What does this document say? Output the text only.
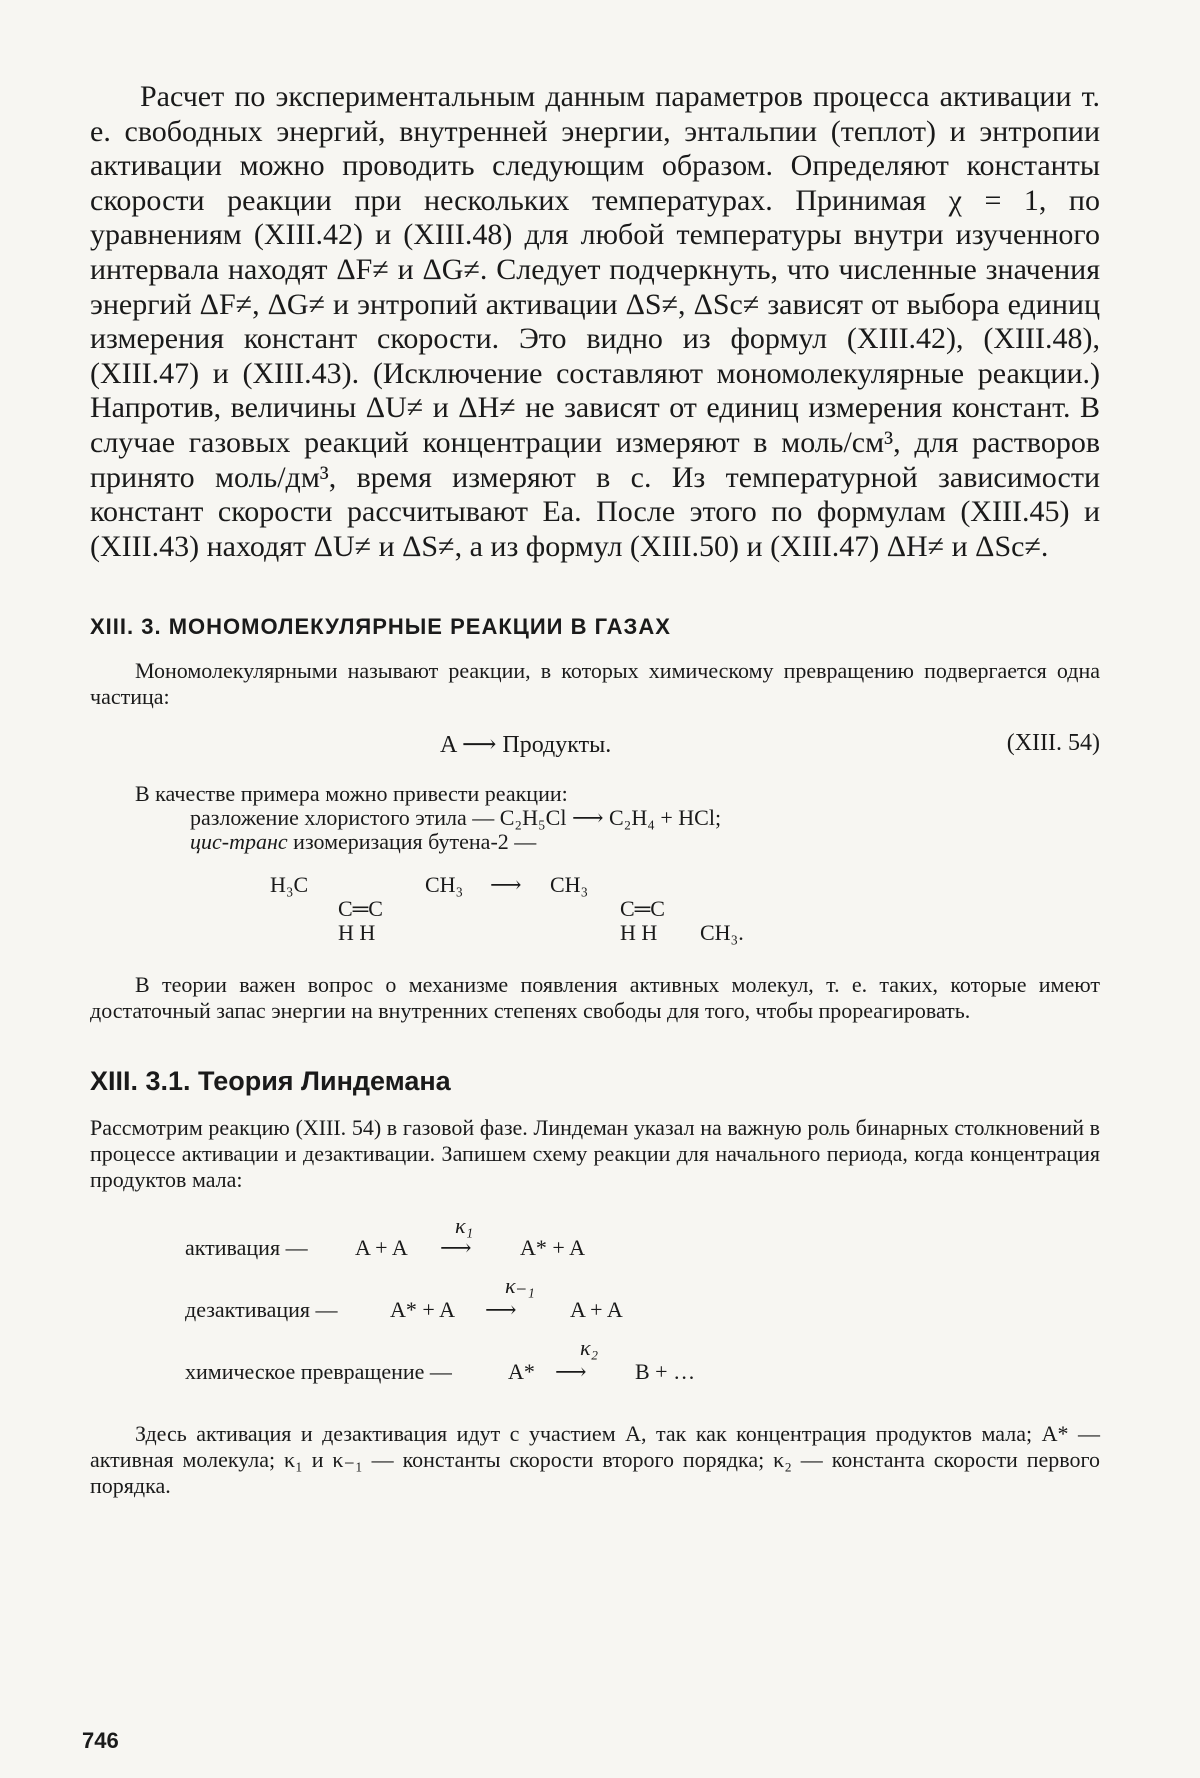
Расчет по экспериментальным данным параметров процесса активации т. е. свободных энергий, внутренней энергии, энтальпии (теплот) и энтропии активации можно проводить следующим образом. Определяют константы скорости реакции при нескольких температурах. Принимая χ = 1, по уравнениям (XIII.42) и (XIII.48) для любой температуры внутри изученного интервала находят ΔF≠ и ΔG≠. Следует подчеркнуть, что численные значения энергий ΔF≠, ΔG≠ и энтропий активации ΔS≠, ΔSc≠ зависят от выбора единиц измерения констант скорости. Это видно из формул (XIII.42), (XIII.48), (XIII.47) и (XIII.43). (Исключение составляют мономолекулярные реакции.) Напротив, величины ΔU≠ и ΔH≠ не зависят от единиц измерения констант. В случае газовых реакций концентрации измеряют в моль/см³, для растворов принято моль/дм³, время измеряют в с. Из температурной зависимости констант скорости рассчитывают Ea. После этого по формулам (XIII.45) и (XIII.43) находят ΔU≠ и ΔS≠, а из формул (XIII.50) и (XIII.47) ΔH≠ и ΔSc≠.

XIII. 3. МОНОМОЛЕКУЛЯРНЫЕ РЕАКЦИИ В ГАЗАХ

Мономолекулярными называют реакции, в которых химическому превращению подвергается одна частица:

A ⟶ Продукты.	(XIII. 54)
В качестве примера можно привести реакции:
разложение хлористого этила — C₂H₅Cl ⟶ C₂H₄ + HCl;
цис-транс изомеризация бутена-2 —
H₃C	CH₃
C═C
H H
⟶ CH₃
C═C
H H CH₃.

В теории важен вопрос о механизме появления активных молекул, т. е. таких, которые имеют достаточный запас энергии на внутренних степенях свободы для того, чтобы прореагировать.

XIII. 3.1. Теория Линдемана

Рассмотрим реакцию (XIII. 54) в газовой фазе. Линдеман указал на важную роль бинарных столкновений в процессе активации и дезактивации. Запишем схему реакции для начального периода, когда концентрация продуктов мала:

активация — A + A
κ₁
⟶ A* + A
дезактивация — A* + A
κ₋₁
⟶ A + A
химическое превращение —	A*
κ₂
⟶ B + …

Здесь активация и дезактивация идут с участием A, так как концентрация продуктов мала; A* — активная молекула; κ₁ и κ₋₁ — константы скорости второго порядка; κ₂ — константа скорости первого порядка.

746
